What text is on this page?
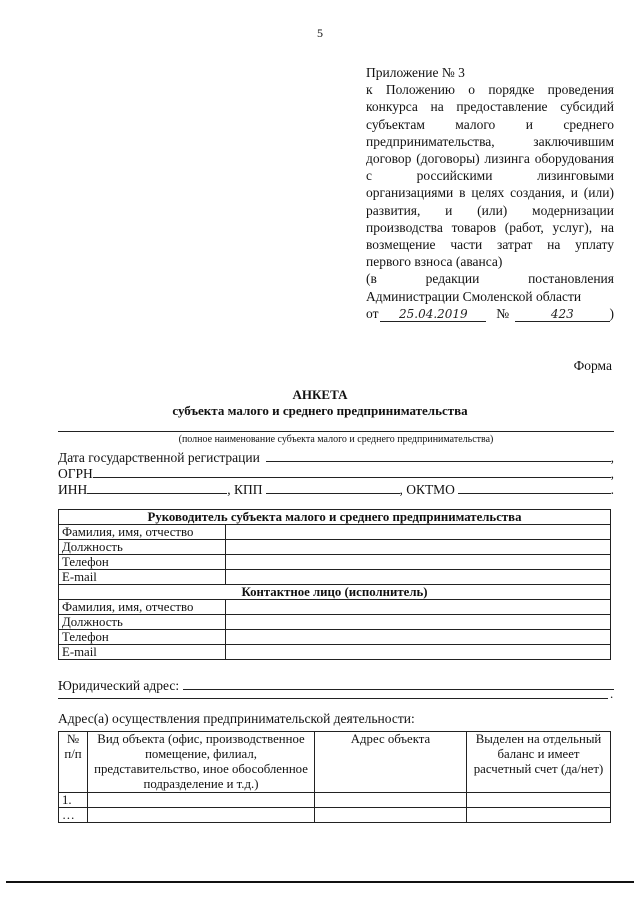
5
Приложение № 3
к Положению о порядке проведения конкурса на предоставление субсидий субъектам малого и среднего предпринимательства, заключившим договор (договоры) лизинга оборудования с российскими лизинговыми организациями в целях создания, и (или) развития, и (или) модернизации производства товаров (работ, услуг), на возмещение части затрат на уплату первого взноса (аванса)
(в редакции постановления Администрации Смоленской области
от	25.04.2019	№	423	)
Форма
АНКЕТА
субъекта малого и среднего предпринимательства
(полное наименование субъекта малого и среднего предпринимательства)
Дата государственной регистрации	,
ОГРН	,
ИНН	, КПП	, ОКТМО	.
Руководитель субъекта малого и среднего предпринимательства	
Фамилия, имя, отчество	
Должность	
Телефон	
E-mail	
Контактное лицо (исполнитель)	
Фамилия, имя, отчество	
Должность	
Телефон	
E-mail	
Юридический адрес:
.
Адрес(а) осуществления предпринимательской деятельности:
№ п/п	Вид объекта (офис, производственное помещение, филиал, представительство, иное обособленное подразделение и т.д.)	Адрес объекта	Выделен на отдельный баланс и имеет расчетный счет (да/нет)
1.			
…			
